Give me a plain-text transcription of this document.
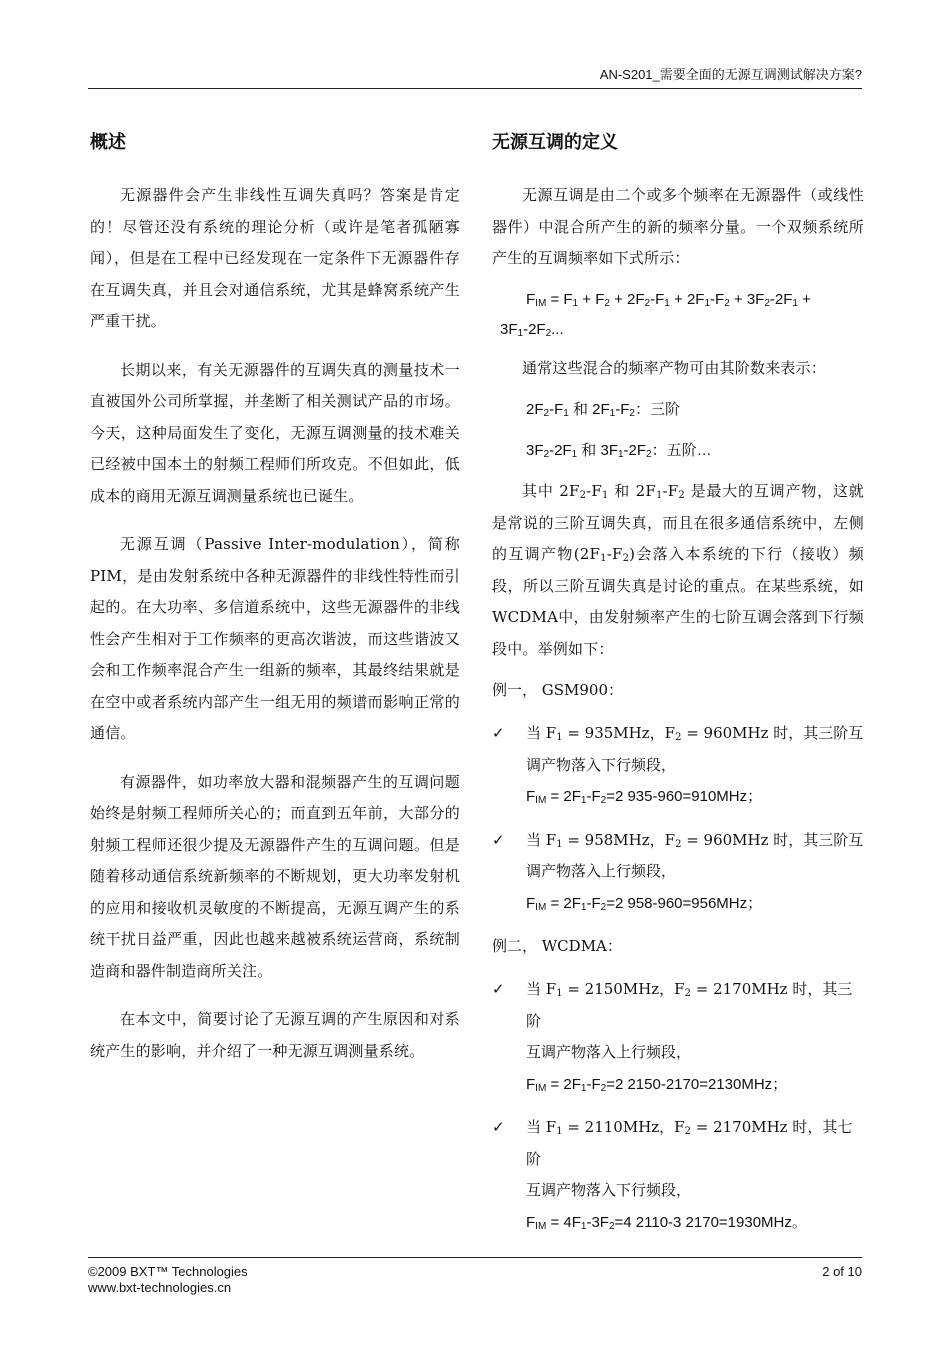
AN-S201_需要全面的无源互调测试解决方案?
概述

无源器件会产生非线性互调失真吗？答案是肯定的！尽管还没有系统的理论分析（或许是笔者孤陋寡闻），但是在工程中已经发现在一定条件下无源器件存在互调失真，并且会对通信系统，尤其是蜂窝系统产生严重干扰。

长期以来，有关无源器件的互调失真的测量技术一直被国外公司所掌握，并垄断了相关测试产品的市场。今天，这种局面发生了变化，无源互调测量的技术难关已经被中国本土的射频工程师们所攻克。不但如此，低成本的商用无源互调测量系统也已诞生。

无源互调（Passive Inter-modulation），简称PIM，是由发射系统中各种无源器件的非线性特性而引起的。在大功率、多信道系统中，这些无源器件的非线性会产生相对于工作频率的更高次谐波，而这些谐波又会和工作频率混合产生一组新的频率，其最终结果就是在空中或者系统内部产生一组无用的频谱而影响正常的通信。

有源器件，如功率放大器和混频器产生的互调问题始终是射频工程师所关心的；而直到五年前，大部分的射频工程师还很少提及无源器件产生的互调问题。但是随着移动通信系统新频率的不断规划，更大功率发射机的应用和接收机灵敏度的不断提高，无源互调产生的系统干扰日益严重，因此也越来越被系统运营商，系统制造商和器件制造商所关注。

在本文中，简要讨论了无源互调的产生原因和对系统产生的影响，并介绍了一种无源互调测量系统。

无源互调的定义

无源互调是由二个或多个频率在无源器件（或线性器件）中混合所产生的新的频率分量。一个双频系统所产生的互调频率如下式所示：

$F_{IM} = F_1 + F_2 + 2F_2-F_1 + 2F_1-F_2 + 3F_2-2F_1$ +
$3F_1-2F_2$...

通常这些混合的频率产物可由其阶数来表示：

$2F_2-F_1$ 和 $2F_1-F_2$：三阶

$3F_2-2F_1$ 和 $3F_1-2F_2$：五阶…

其中 $2F_2-F_1$ 和 $2F_1-F_2$ 是最大的互调产物，这就是常说的三阶互调失真，而且在很多通信系统中，左侧的互调产物$(2F_1-F_2)$会落入本系统的下行（接收）频段，所以三阶互调失真是讨论的重点。在某些系统，如WCDMA中，由发射频率产生的七阶互调会落到下行频段中。举例如下：

例一， GSM900：

✓ 当 $F_1 = 935MHz$，$F_2 = 960MHz$ 时，其三阶互
调产物落入下行频段，
$F_{IM} = 2F_1-F_2=2$ 935-960=910MHz；
✓ 当 $F_1 = 958MHz$，$F_2 = 960MHz$ 时，其三阶互
调产物落入上行频段，
$F_{IM} = 2F_1-F_2=2$ 958-960=956MHz；

例二， WCDMA：

✓ 当 $F_1 = 2150MHz$，$F_2 = 2170MHz$ 时，其三阶
互调产物落入上行频段，
$F_{IM} = 2F_1-F_2=2$ 2150-2170=2130MHz；
✓ 当 $F_1 = 2110MHz$，$F_2 = 2170MHz$ 时，其七阶
互调产物落入下行频段，
$F_{IM} = 4F_1-3F_2=4$ 2110-3 2170=1930MHz。
©2009 BXT™ Technologies
www.bxt-technologies.cn
2 of 10
